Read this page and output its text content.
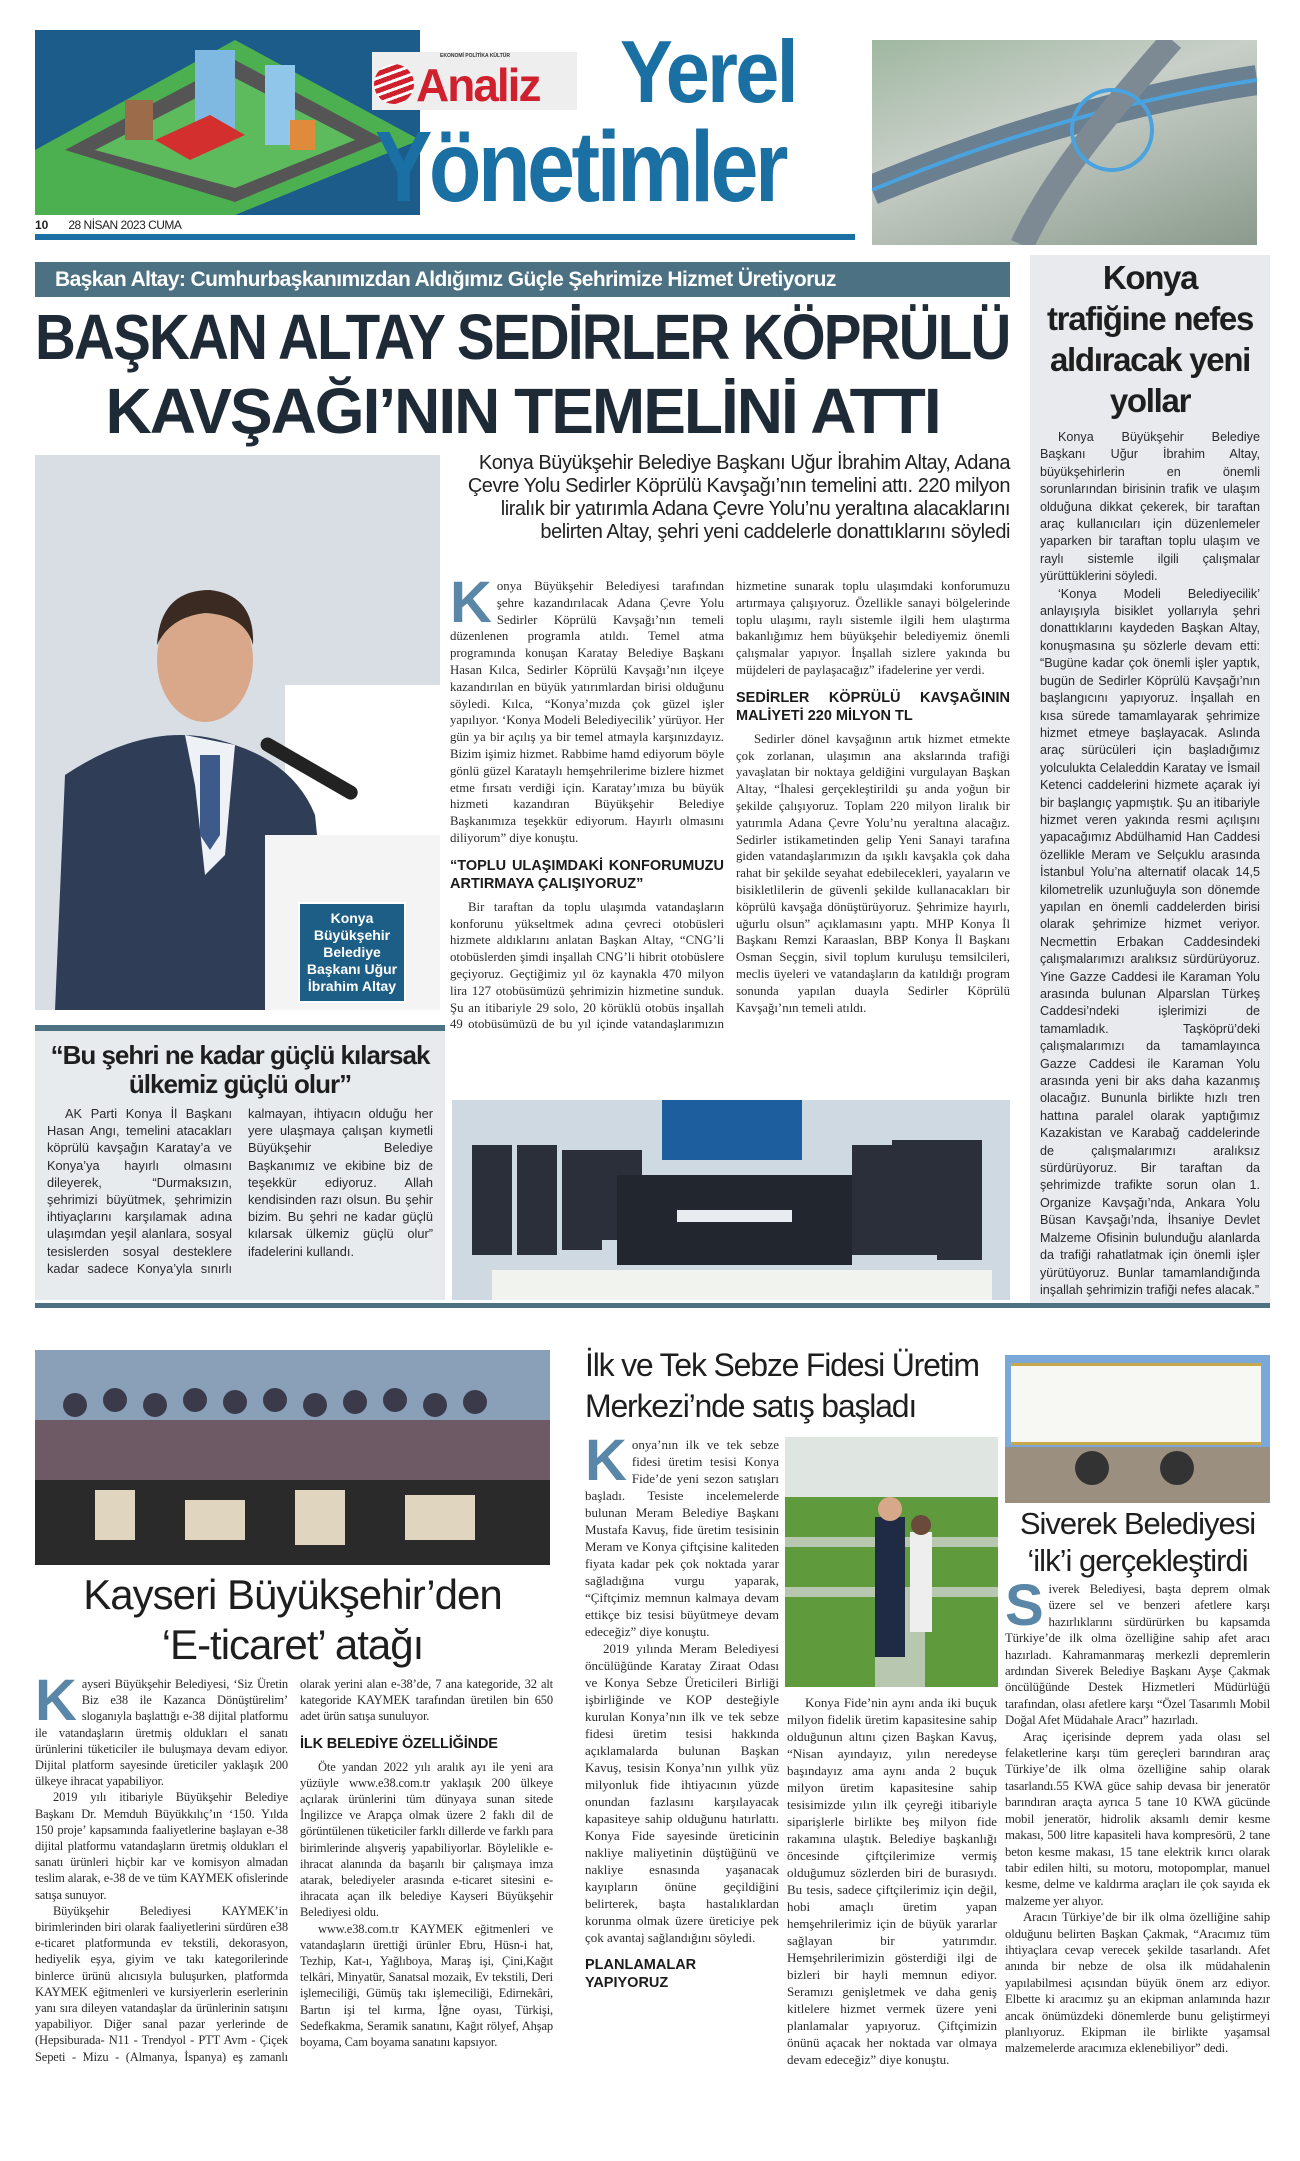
EKONOMİ POLİTİKA KÜLTÜR
Analiz Yerel
Yönetimler
10 28 NİSAN 2023 CUMA
Başkan Altay: Cumhurbaşkanımızdan Aldığımız Güçle Şehrimize Hizmet Üretiyoruz
BAŞKAN ALTAY SEDİRLER KÖPRÜLÜ
KAVŞAĞI’NIN TEMELİNİ ATTI
Konya Büyükşehir Belediye Başkanı Uğur İbrahim Altay
Konya Büyükşehir Belediye Başkanı Uğur İbrahim Altay, Adana Çevre Yolu Sedirler Köprülü Kavşağı’nın temelini attı. 220 milyon liralık bir yatırımla Adana Çevre Yolu’nu yeraltına alacaklarını belirten Altay, şehri yeni caddelerle donattıklarını söyledi

Konya Büyükşehir Belediyesi tarafından şehre kazandırılacak Adana Çevre Yolu Sedirler Köprülü Kavşağı’nın temeli düzenlenen programla atıldı. Temel atma programında konuşan Karatay Belediye Başkanı Hasan Kılca, Sedirler Köprülü Kavşağı’nın ilçeye kazandırılan en büyük yatırımlardan birisi olduğunu söyledi. Kılca, “Konya’mızda çok güzel işler yapılıyor. ‘Konya Modeli Belediyecilik’ yürüyor. Her gün ya bir açılış ya bir temel atmayla karşınızdayız. Bizim işimiz hizmet. Rabbime hamd ediyorum böyle gönlü güzel Karataylı hemşehrilerime bizlere hizmet etme fırsatı verdiği için. Karatay’ımıza bu büyük hizmeti kazandıran Büyükşehir Belediye Başkanımıza teşekkür ediyorum. Hayırlı olmasını diliyorum” diye konuştu.

“TOPLU ULAŞIMDAKİ KONFORUMUZU ARTIRMAYA ÇALIŞIYORUZ”

Bir taraftan da toplu ulaşımda vatandaşların konforunu yükseltmek adına çevreci otobüsleri hizmete aldıklarını anlatan Başkan Altay, “CNG’li otobüslerden şimdi inşallah CNG’li hibrit otobüslere geçiyoruz. Geçtiğimiz yıl öz kaynakla 470 milyon lira 127 otobüsümüzü şehrimizin hizmetine sunduk. Şu an itibariyle 29 solo, 20 körüklü otobüs inşallah 49 otobüsümüzü de bu yıl içinde vatandaşlarımızın hizmetine sunarak toplu ulaşımdaki konforumuzu artırmaya çalışıyoruz. Özellikle sanayi bölgelerinde toplu ulaşımı, raylı sistemle ilgili hem ulaştırma bakanlığımız hem büyükşehir belediyemiz önemli çalışmalar yapıyor. İnşallah sizlere yakında bu müjdeleri de paylaşacağız” ifadelerine yer verdi.

SEDİRLER KÖPRÜLÜ KAVŞAĞININ MALİYETİ 220 MİLYON TL

Sedirler dönel kavşağının artık hizmet etmekte çok zorlanan, ulaşımın ana akslarında trafiği yavaşlatan bir noktaya geldiğini vurgulayan Başkan Altay, “İhalesi gerçekleştirildi şu anda yoğun bir şekilde çalışıyoruz. Toplam 220 milyon liralık bir yatırımla Adana Çevre Yolu’nu yeraltına alacağız. Sedirler istikametinden gelip Yeni Sanayi tarafına giden vatandaşlarımızın da ışıklı kavşakla çok daha rahat bir şekilde seyahat edebilecekleri, yayaların ve bisikletlilerin de güvenli şekilde kullanacakları bir köprülü kavşağa dönüştürüyoruz. Şehrimize hayırlı, uğurlu olsun” açıklamasını yaptı. MHP Konya İl Başkanı Remzi Karaaslan, BBP Konya İl Başkanı Osman Seçgin, sivil toplum kuruluşu temsilcileri, meclis üyeleri ve vatandaşların da katıldığı program sonunda yapılan duayla Sedirler Köprülü Kavşağı’nın temeli atıldı.

“Bu şehri ne kadar güçlü kılarsak ülkemiz güçlü olur”
AK Parti Konya İl Başkanı Hasan Angı, temelini atacakları köprülü kavşağın Karatay’a ve Konya’ya hayırlı olmasını dileyerek, “Durmaksızın, şehrimizi büyütmek, şehrimizin ihtiyaçlarını karşılamak adına ulaşımdan yeşil alanlara, sosyal tesislerden sosyal desteklere kadar sadece Konya’yla sınırlı kalmayan, ihtiyacın olduğu her yere ulaşmaya çalışan kıymetli Büyükşehir Belediye Başkanımız ve ekibine biz de teşekkür ediyoruz. Allah kendisinden razı olsun. Bu şehir bizim. Bu şehri ne kadar güçlü kılarsak ülkemiz güçlü olur” ifadelerini kullandı.
Konya trafiğine nefes aldıracak yeni yollar

Konya Büyükşehir Belediye Başkanı Uğur İbrahim Altay, büyükşehirlerin en önemli sorunlarından birisinin trafik ve ulaşım olduğuna dikkat çekerek, bir taraftan araç kullanıcıları için düzenlemeler yaparken bir taraftan toplu ulaşım ve raylı sistemle ilgili çalışmalar yürüttüklerini söyledi.

‘Konya Modeli Belediyecilik’ anlayışıyla bisiklet yollarıyla şehri donattıklarını kaydeden Başkan Altay, konuşmasına şu sözlerle devam etti: “Bugüne kadar çok önemli işler yaptık, bugün de Sedirler Köprülü Kavşağı’nın başlangıcını yapıyoruz. İnşallah en kısa sürede tamamlayarak şehrimize hizmet etmeye başlayacak. Aslında araç sürücüleri için başladığımız yolculukta Celaleddin Karatay ve İsmail Ketenci caddelerini hizmete açarak iyi bir başlangıç yapmıştık. Şu an itibariyle hizmet veren yakında resmi açılışını yapacağımız Abdülhamid Han Caddesi özellikle Meram ve Selçuklu arasında İstanbul Yolu’na alternatif olacak 14,5 kilometrelik uzunluğuyla son dönemde yapılan en önemli caddelerden birisi olarak şehrimize hizmet veriyor. Necmettin Erbakan Caddesindeki çalışmalarımızı aralıksız sürdürüyoruz. Yine Gazze Caddesi ile Karaman Yolu arasında bulunan Alparslan Türkeş Caddesi’ndeki işlerimizi de tamamladık. Taşköprü’deki çalışmalarımızı da tamamlayınca Gazze Caddesi ile Karaman Yolu arasında yeni bir aks daha kazanmış olacağız. Bununla birlikte hızlı tren hattına paralel olarak yaptığımız Kazakistan ve Karabağ caddelerinde de çalışmalarımızı aralıksız sürdürüyoruz. Bir taraftan da şehrimizde trafikte sorun olan 1. Organize Kavşağı’nda, Ankara Yolu Büsan Kavşağı’nda, İhsaniye Devlet Malzeme Ofisinin bulunduğu alanlarda da trafiği rahatlatmak için önemli işler yürütüyoruz. Bunlar tamamlandığında inşallah şehrimizin trafiği nefes alacak.”

Kayseri Büyükşehir’den ‘E-ticaret’ atağı

Kayseri Büyükşehir Belediyesi, ‘Siz Üretin Biz e38 ile Kazanca Dönüştürelim’ sloganıyla başlattığı e-38 dijital platformu ile vatandaşların üretmiş oldukları el sanatı ürünlerini tüketiciler ile buluşmaya devam ediyor. Dijital platform sayesinde üreticiler yaklaşık 200 ülkeye ihracat yapabiliyor.

2019 yılı itibariyle Büyükşehir Belediye Başkanı Dr. Memduh Büyükkılıç’ın ‘150. Yılda 150 proje’ kapsamında faaliyetlerine başlayan e-38 dijital platformu vatandaşların üretmiş oldukları el sanatı ürünleri hiçbir kar ve komisyon almadan teslim alarak, e-38 de ve tüm KAYMEK ofislerinde satışa sunuyor.

Büyükşehir Belediyesi KAYMEK’in birimlerinden biri olarak faaliyetlerini sürdüren e38 e-ticaret platformunda ev tekstili, dekorasyon, hediyelik eşya, giyim ve takı kategorilerinde binlerce ürünü alıcısıyla buluşurken, platformda KAYMEK eğitmenleri ve kursiyerlerin eserlerinin yanı sıra dileyen vatandaşlar da ürünlerinin satışını yapabiliyor. Diğer sanal pazar yerlerinde de (Hepsiburada- N11 - Trendyol - PTT Avm - Çiçek Sepeti - Mizu - (Almanya, İspanya) eş zamanlı olarak yerini alan e-38’de, 7 ana kategoride, 32 alt kategoride KAYMEK tarafından üretilen bin 650 adet ürün satışa sunuluyor.

İLK BELEDİYE ÖZELLİĞİNDE

Öte yandan 2022 yılı aralık ayı ile yeni ara yüzüyle www.e38.com.tr yaklaşık 200 ülkeye açılarak ürünlerini tüm dünyaya sunan sitede İngilizce ve Arapça olmak üzere 2 faklı dil de görüntülenen tüketiciler farklı dillerde ve farklı para birimlerinde alışveriş yapabiliyorlar. Böylelikle e-ihracat alanında da başarılı bir çalışmaya imza atarak, belediyeler arasında e-ticaret sitesini e-ihracata açan ilk belediye Kayseri Büyükşehir Belediyesi oldu.

www.e38.com.tr KAYMEK eğitmenleri ve vatandaşların ürettiği ürünler Ebru, Hüsn-i hat, Tezhip, Kat-ı, Yağlıboya, Maraş işi, Çini,Kağıt telkâri, Minyatür, Sanatsal mozaik, Ev tekstili, Deri işlemeciliği, Gümüş takı işlemeciliği, Edirnekâri, Bartın işi tel kırma, İğne oyası, Türkişi, Sedefkakma, Seramik sanatını, Kağıt rölyef, Ahşap boyama, Cam boyama sanatını kapsıyor.

İlk ve Tek Sebze Fidesi Üretim Merkezi’nde satış başladı

Konya’nın ilk ve tek sebze fidesi üretim tesisi Konya Fide’de yeni sezon satışları başladı. Tesiste incelemelerde bulunan Meram Belediye Başkanı Mustafa Kavuş, fide üretim tesisinin Meram ve Konya çiftçisine kaliteden fiyata kadar pek çok noktada yarar sağladığına vurgu yaparak, “Çiftçimiz memnun kalmaya devam ettikçe biz tesisi büyütmeye devam edeceğiz” diye konuştu.

2019 yılında Meram Belediyesi öncülüğünde Karatay Ziraat Odası ve Konya Sebze Üreticileri Birliği işbirliğinde ve KOP desteğiyle kurulan Konya’nın ilk ve tek sebze fidesi üretim tesisi hakkında açıklamalarda bulunan Başkan Kavuş, tesisin Konya’nın yıllık yüz milyonluk fide ihtiyacının yüzde onundan fazlasını karşılayacak kapasiteye sahip olduğunu hatırlattı. Konya Fide sayesinde üreticinin nakliye maliyetinin düştüğünü ve nakliye esnasında yaşanacak kayıpların önüne geçildiğini belirterek, başta hastalıklardan korunma olmak üzere üreticiye pek çok avantaj sağlandığını söyledi.

PLANLAMALAR YAPIYORUZ

Konya Fide’nin aynı anda iki buçuk milyon fidelik üretim kapasitesine sahip olduğunun altını çizen Başkan Kavuş, “Nisan ayındayız, yılın neredeyse başındayız ama aynı anda 2 buçuk milyon üretim kapasitesine sahip tesisimizde yılın ilk çeyreği itibariyle siparişlerle birlikte beş milyon fide rakamına ulaştık. Belediye başkanlığı öncesinde çiftçilerimize vermiş olduğumuz sözlerden biri de burasıydı. Bu tesis, sadece çiftçilerimiz için değil, hobi amaçlı üretim yapan hemşehrilerimiz için de büyük yararlar sağlayan bir yatırımdır. Hemşehrilerimizin gösterdiği ilgi de bizleri bir hayli memnun ediyor. Seramızı genişletmek ve daha geniş kitlelere hizmet vermek üzere yeni planlamalar yapıyoruz. Çiftçimizin önünü açacak her noktada var olmaya devam edeceğiz” diye konuştu.

Siverek Belediyesi ‘ilk’i gerçekleştirdi

Siverek Belediyesi, başta deprem olmak üzere sel ve benzeri afetlere karşı hazırlıklarını sürdürürken bu kapsamda Türkiye’de ilk olma özelliğine sahip afet aracı hazırladı. Kahramanmaraş merkezli depremlerin ardından Siverek Belediye Başkanı Ayşe Çakmak öncülüğünde Destek Hizmetleri Müdürlüğü tarafından, olası afetlere karşı “Özel Tasarımlı Mobil Doğal Afet Müdahale Aracı” hazırladı.

Araç içerisinde deprem yada olası sel felaketlerine karşı tüm gereçleri barındıran araç Türkiye’de ilk olma özelliğine sahip olarak tasarlandı.55 KWA güce sahip devasa bir jeneratör barındıran araçta ayrıca 5 tane 10 KWA gücünde mobil jeneratör, hidrolik aksamlı demir kesme makası, 500 litre kapasiteli hava kompresörü, 2 tane beton kesme makası, 15 tane elektrik kırıcı olarak tabir edilen hilti, su motoru, motopomplar, manuel kesme, delme ve kaldırma araçları ile çok sayıda ek malzeme yer alıyor.

Aracın Türkiye’de bir ilk olma özelliğine sahip olduğunu belirten Başkan Çakmak, “Aracımız tüm ihtiyaçlara cevap verecek şekilde tasarlandı. Afet anında bir nebze de olsa ilk müdahalenin yapılabilmesi açısından büyük önem arz ediyor. Elbette ki aracımız şu an ekipman anlamında hazır ancak önümüzdeki dönemlerde bunu geliştirmeyi planlıyoruz. Ekipman ile birlikte yaşamsal malzemelerde aracımıza eklenebiliyor” dedi.
